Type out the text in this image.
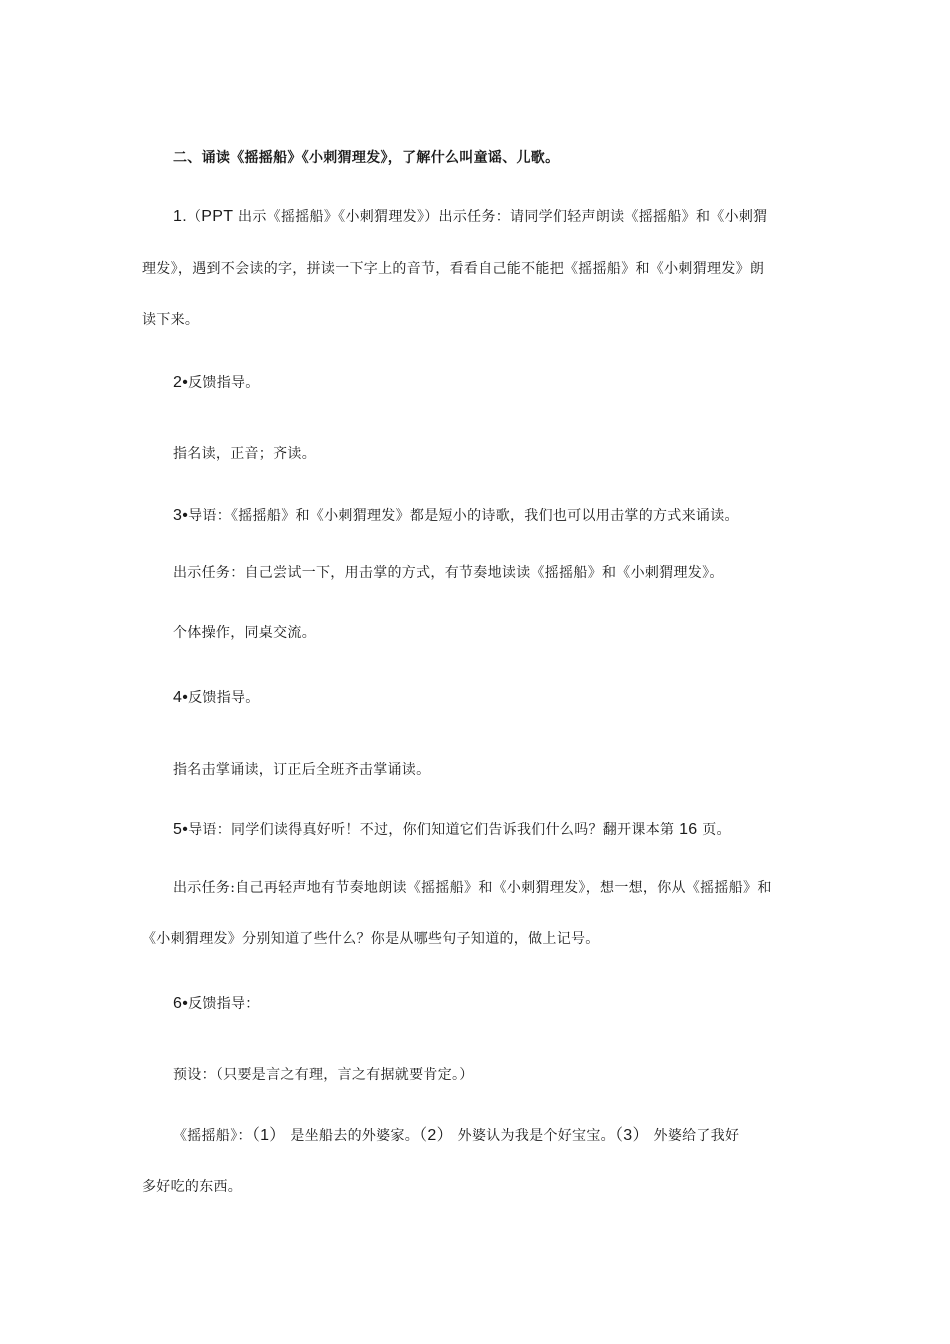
二、诵读《摇摇船》《小刺猬理发》，了解什么叫童谣、儿歌。
1.（PPT 出示《摇摇船》《小刺猬理发》）出示任务：请同学们轻声朗读《摇摇船》和《小刺猬
理发》，遇到不会读的字，拼读一下字上的音节，看看自己能不能把《摇摇船》和《小刺猬理发》朗
读下来。
2•反馈指导。
指名读，正音；齐读。
3•导语：《摇摇船》和《小刺猬理发》都是短小的诗歌，我们也可以用击掌的方式来诵读。
出示任务：自己尝试一下，用击掌的方式，有节奏地读读《摇摇船》和《小刺猬理发》。
个体操作，同桌交流。
4•反馈指导。
指名击掌诵读，订正后全班齐击掌诵读。
5•导语：同学们读得真好听！不过，你们知道它们告诉我们什么吗？翻开课本第 16 页。
出示任务:自己再轻声地有节奏地朗读《摇摇船》和《小刺猬理发》，想一想，你从《摇摇船》和
《小刺猬理发》分别知道了些什么？你是从哪些句子知道的，做上记号。
6•反馈指导：
预设：（只要是言之有理，言之有据就要肯定。）
《摇摇船》：（1） 是坐船去的外婆家。（2） 外婆认为我是个好宝宝。（3） 外婆给了我好
多好吃的东西。
